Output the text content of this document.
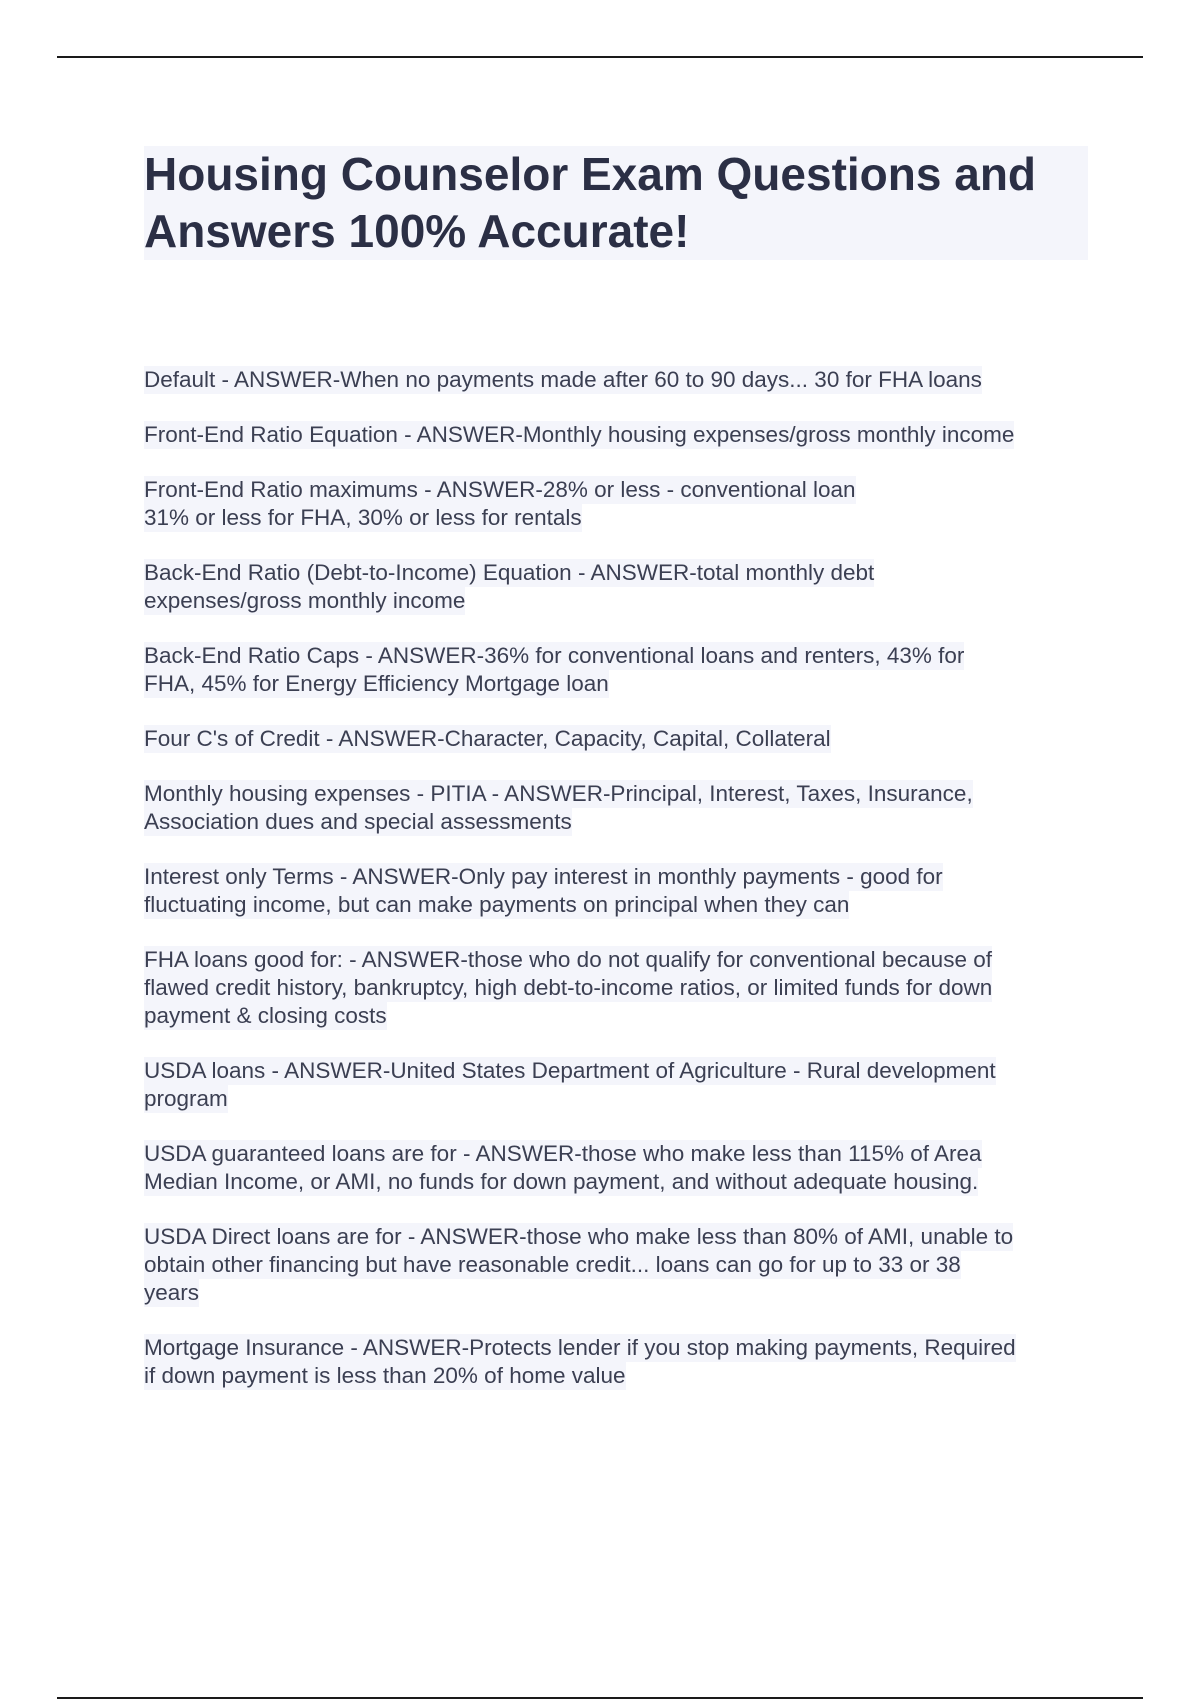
Housing Counselor Exam Questions and
Answers 100% Accurate!
Default - ANSWER-When no payments made after 60 to 90 days... 30 for FHA loans
Front-End Ratio Equation - ANSWER-Monthly housing expenses/gross monthly income
Front-End Ratio maximums - ANSWER-28% or less - conventional loan
31% or less for FHA, 30% or less for rentals
Back-End Ratio (Debt-to-Income) Equation - ANSWER-total monthly debt
expenses/gross monthly income
Back-End Ratio Caps - ANSWER-36% for conventional loans and renters, 43% for
FHA, 45% for Energy Efficiency Mortgage loan
Four C's of Credit - ANSWER-Character, Capacity, Capital, Collateral
Monthly housing expenses - PITIA - ANSWER-Principal, Interest, Taxes, Insurance,
Association dues and special assessments
Interest only Terms - ANSWER-Only pay interest in monthly payments - good for
fluctuating income, but can make payments on principal when they can
FHA loans good for: - ANSWER-those who do not qualify for conventional because of
flawed credit history, bankruptcy, high debt-to-income ratios, or limited funds for down
payment & closing costs
USDA loans - ANSWER-United States Department of Agriculture - Rural development
program
USDA guaranteed loans are for - ANSWER-those who make less than 115% of Area
Median Income, or AMI, no funds for down payment, and without adequate housing.
USDA Direct loans are for - ANSWER-those who make less than 80% of AMI, unable to
obtain other financing but have reasonable credit... loans can go for up to 33 or 38
years
Mortgage Insurance - ANSWER-Protects lender if you stop making payments, Required
if down payment is less than 20% of home value
